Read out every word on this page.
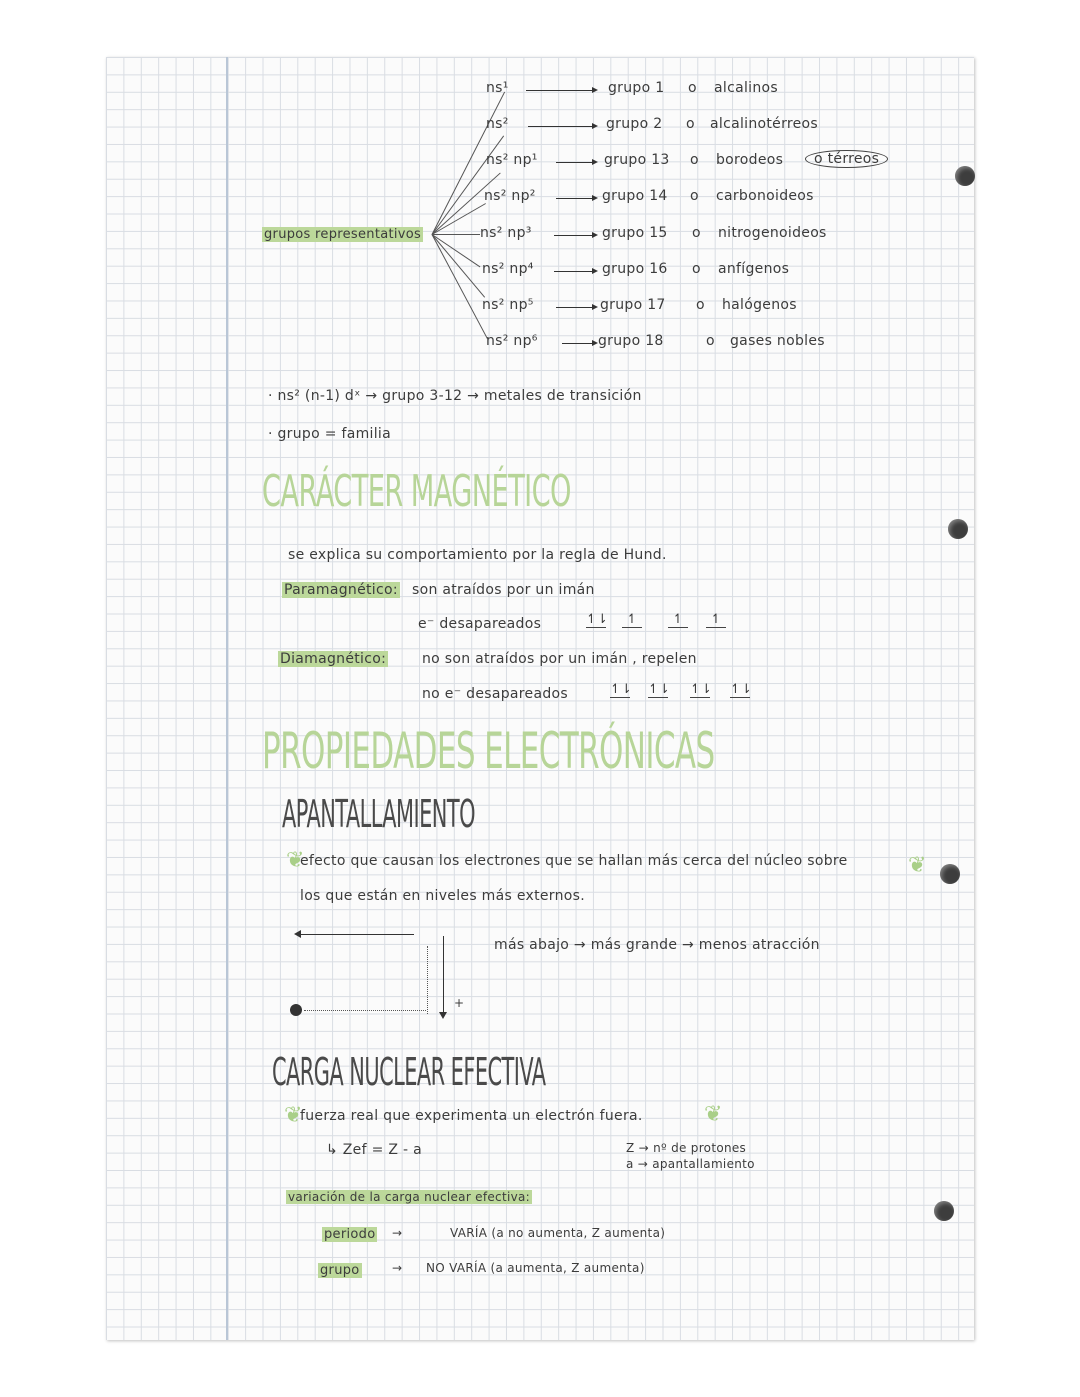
grupos representativos
ns¹	grupo 1 o alcalinos
ns²	grupo 2 o alcalinotérreos
ns² np¹	grupo 13 o borodeos	o térreos
ns² np²	grupo 14 o carbonoideos
ns² np³	grupo 15 o nitrogenoideos
ns² np⁴	grupo 16 o anfígenos
ns² np⁵	grupo 17 o halógenos
ns² np⁶	grupo 18	o gases nobles
· ns² (n-1) dˣ → grupo 3-12 → metales de transición
· grupo = familia
CARÁCTER MAGNÉTICO
se explica su comportamiento por la regla de Hund.
Paramagnético: son atraídos por un imán
e⁻ desapareados	↿⇂	↿	↿	↿
Diamagnético:	no son atraídos por un imán , repelen
no e⁻ desapareados	↿⇂ ↿⇂ ↿⇂ ↿⇂
PROPIEDADES ELECTRÓNICAS
APANTALLAMIENTO
❦
efecto que causan los electrones que se hallan más cerca del núcleo sobre
los que están en niveles más externos.
❦
+
más abajo → más grande → menos atracción
CARGA NUCLEAR EFECTIVA
❦
fuerza real que experimenta un electrón fuera.	❦
↳ Zef = Z - a	Z → nº de protones
a → apantallamiento
variación de la carga nuclear efectiva:
periodo →	VARÍA (a no aumenta, Z aumenta)
grupo	→ NO VARÍA (a aumenta, Z aumenta)
